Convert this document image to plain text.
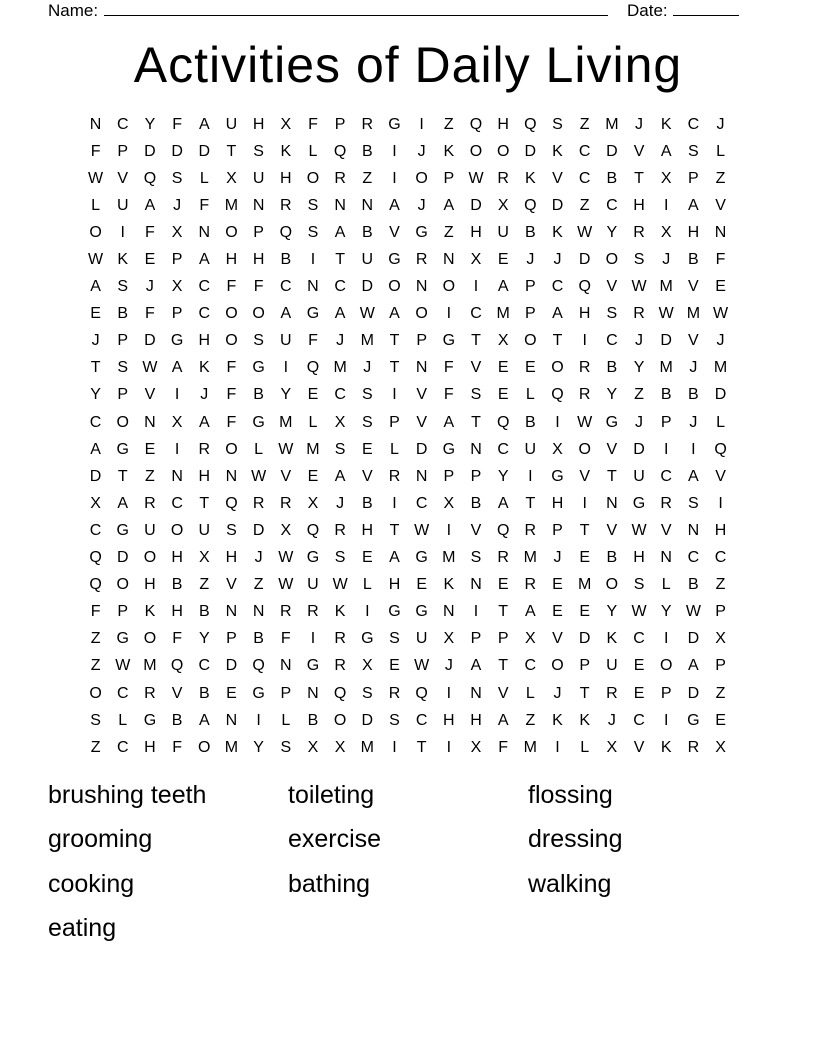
Name:	Date:
Activities of Daily Living
N C	Y	F	A	U H	X	F	P	R G	I	Z	Q H Q S	Z M	J	K	C	J
F	P	D D D	T	S	K	L	Q B	I	J	K O O D	K	C D	V	A	S	L
W V Q S	L	X	U H O R	Z	I	O P W R	K	V	C	B	T	X	P	Z
L	U	A	J	F M N R	S	N N	A	J	A	D	X Q D	Z	C H	I	A	V
O	I	F	X	N O P Q S	A	B	V G	Z	H U	B	K W Y	R	X	H N
W K	E	P	A	H H	B	I	T	U G R N	X	E	J	J	D O S	J	B	F
A	S	J	X	C	F	F	C N C D O N O	I	A	P	C Q V W M V	E
E	B	F	P	C O O A G A W A O	I	C M P	A	H	S	R W M W
J	P	D G H O S	U	F	J	M T	P G	T	X O	T	I	C	J	D	V	J
T	S W A	K	F	G	I	Q M	J	T	N	F	V	E	E O R	B	Y M	J	M
Y	P	V	I	J	F	B	Y	E	C	S	I	V	F	S	E	L	Q R	Y	Z	B	B	D
C O N	X	A	F	G M	L	X	S	P	V	A	T	Q B	I	W G	J	P	J	L
A G E	I	R O	L W M S	E	L	D G N C U	X O V	D	I	I	Q
D	T	Z	N H N W V	E	A	V	R N	P	P	Y	I	G V	T	U C	A	V
X	A	R C	T	Q R R	X	J	B	I	C	X	B	A	T	H	I	N G R	S	I
C G U O U	S	D	X Q R H	T W	I	V Q R	P	T	V W V	N H
Q D O H	X	H	J W G S	E	A G M S	R M	J	E	B	H N C C
Q O H	B	Z	V	Z W U W L	H	E	K	N	E	R	E M O S	L	B	Z
F	P	K	H	B	N N R R	K	I	G G N	I	T	A	E	E	Y W Y W P
Z	G O	F	Y	P	B	F	I	R G S	U	X	P	P	X	V	D	K	C	I	D	X
Z W M Q C D Q N G R	X	E W J	A	T	C O P	U	E O A	P
O C R	V	B	E G P	N Q S	R Q	I	N	V	L	J	T	R	E	P	D	Z
S	L	G B	A	N	I	L	B O D	S	C H H	A	Z	K	K	J	C	I	G E
Z	C H	F	O M Y	S	X	X M	I	T	I	X	F M	I	L	X	V	K	R	X
brushing teeth	toileting	flossing
grooming	exercise	dressing
cooking	bathing	walking
eating
